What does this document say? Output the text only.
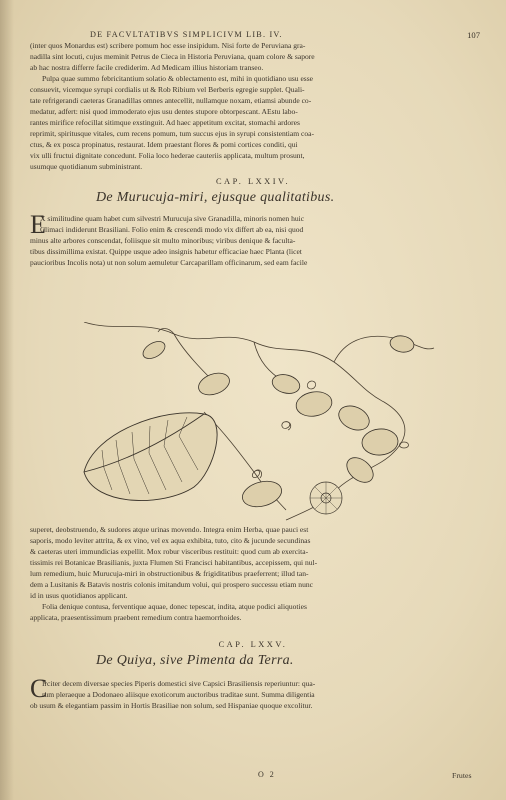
DE FACVLTATIBVS SIMPLICIVM LIB. IV.	107
(inter quos Monardus est) scribere pomum hoc esse insipidum. Nisi forte de Peruviana gra-
nadilla sint locuti, cujus meminit Petrus de Cieca in Historia Peruviana, quam colore & sapore
ab hac nostra differre facile crediderim. Ad Medicam illius historiam transeo.
Pulpa quae summo febricitantium solatio & oblectamento est, mihi in quotidiano usu esse
consuevit, vicemque syrupi cordialis ut & Rob Ribium vel Berberis egregie supplet. Quali-
tate refrigerandi caeteras Granadillas omnes antecellit, nullamque noxam, etiamsi abunde co-
medatur, adfert: nisi quod immoderato ejus usu dentes stupore obtorpescant. AEstu labo-
rantes mirifice refocillat sitimque exstinguit. Ad haec appetitum excitat, stomachi ardores
reprimit, spiritusque vitales, cum recens pomum, tum succus ejus in syrupi consistentiam coa-
ctus, & ex posca propinatus, restaurat. Idem praestant flores & pomi cortices conditi, qui
vix ulli fructui dignitate concedunt. Folia loco hederae cauteriis applicata, multum prosunt,
usumque quotidianum subministrant.
CAP. LXXIV.
De Murucuja-miri, ejusque qualitatibus.
E
X similitudine quam habet cum silvestri Murucuja sive Granadilla, minoris nomen huic
Climaci indiderunt Brasiliani. Folio enim & crescendi modo vix differt ab ea, nisi quod
minus alte arbores conscendat, foliisque sit multo minoribus; viribus denique & faculta-
tibus dissimillima existat. Quippe usque adeo insignis habetur efficaciae haec Planta (licet
paucioribus Incolis nota) ut non solum aemuletur Carcaparillam officinarum, sed eam facile
superet, deobstruendo, & sudores atque urinas movendo. Integra enim Herba, quae pauci est
saporis, modo leviter attrita, & ex vino, vel ex aqua exhibita, tuto, cito & jucunde secundinas
& caeteras uteri immundicias expellit. Mox robur visceribus restituit: quod cum ab exercita-
tissimis rei Botanicae Brasilianis, juxta Flumen Sti Francisci habitantibus, accepissem, qui nul-
lum remedium, huic Murucuja-miri in obstructionibus & frigiditatibus praeferrent; illud tan-
dem a Lusitanis & Batavis nostris colonis imitandum volui, qui prospero successu etiam nunc
id in usus quotidianos applicant.
Folia denique contusa, ferventique aquae, donec tepescat, indita, atque podici aliquoties
applicata, praesentissimum praebent remedium contra haemorrhoides.
CAP. LXXV.
De Quiya, sive Pimenta da Terra.
C
Irciter decem diversae species Piperis domestici sive Capsici Brasiliensis reperiuntur: qua-
rum pleraeque a Dodonaeo aliisque exoticorum auctoribus traditae sunt. Summa diligentia
ob usum & elegantiam passim in Hortis Brasiliae non solum, sed Hispaniae quoque excolitur.
O 2	Frutes
